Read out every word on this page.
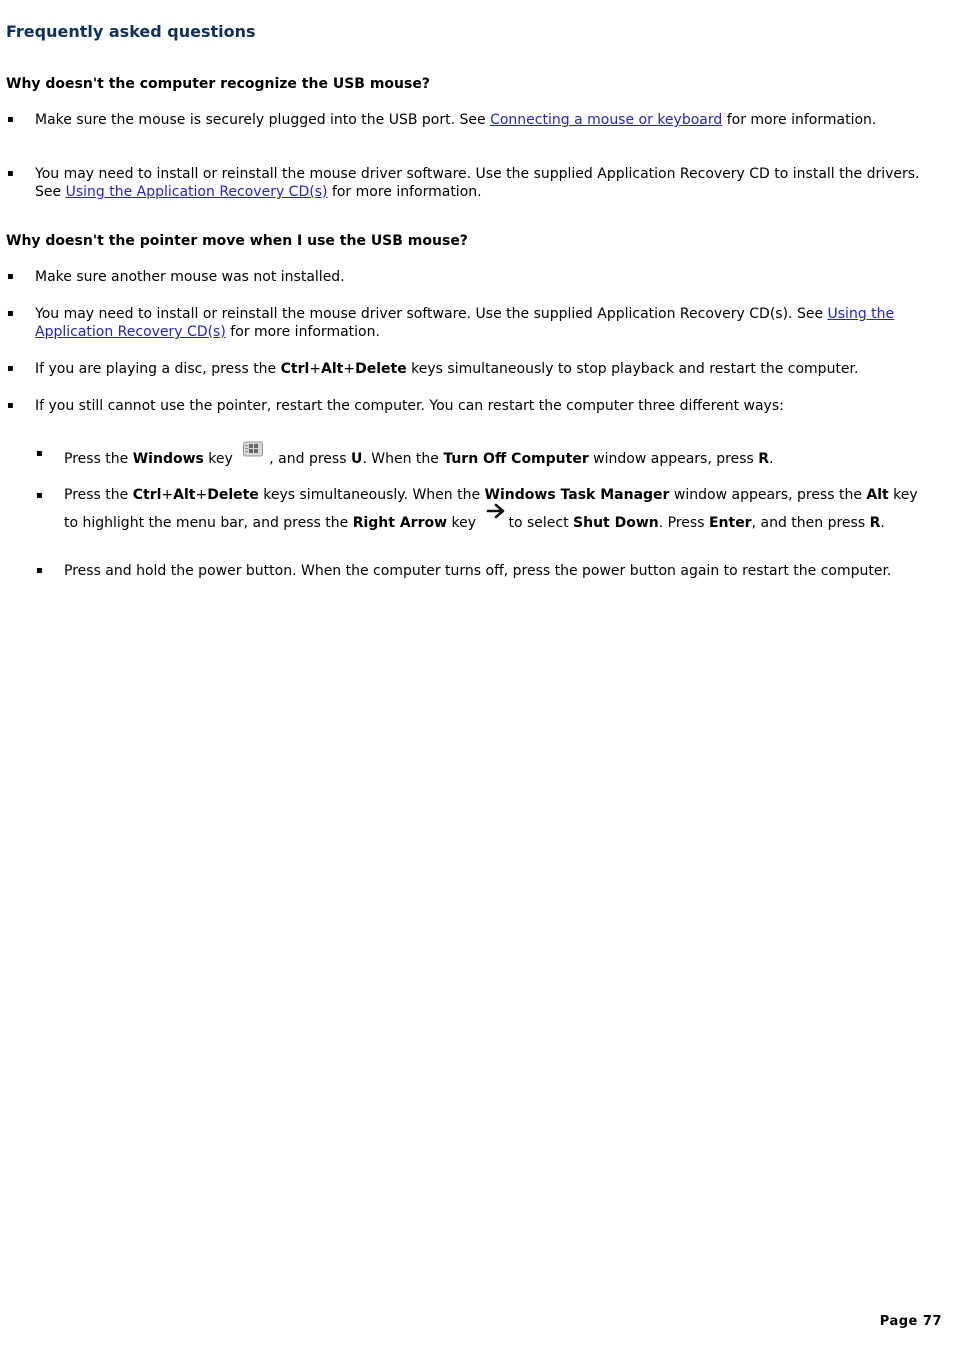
Frequently asked questions
Why doesn't the computer recognize the USB mouse?
▪ Make sure the mouse is securely plugged into the USB port. See Connecting a mouse or keyboard for more information.
▪ You may need to install or reinstall the mouse driver software. Use the supplied Application Recovery CD to install the drivers. See Using the Application Recovery CD(s) for more information.
Why doesn't the pointer move when I use the USB mouse?
▪ Make sure another mouse was not installed.
▪ You may need to install or reinstall the mouse driver software. Use the supplied Application Recovery CD(s). See Using the Application Recovery CD(s) for more information.
▪ If you are playing a disc, press the Ctrl+Alt+Delete keys simultaneously to stop playback and restart the computer.
▪ If you still cannot use the pointer, restart the computer. You can restart the computer three different ways:
▪ Press the Windows key , and press U. When the Turn Off Computer window appears, press R.
▪ Press the Ctrl+Alt+Delete keys simultaneously. When the Windows Task Manager window appears, press the Alt key to highlight the menu bar, and press the Right Arrow key to select Shut Down. Press Enter, and then press R.
▪ Press and hold the power button. When the computer turns off, press the power button again to restart the computer.
Page 77
